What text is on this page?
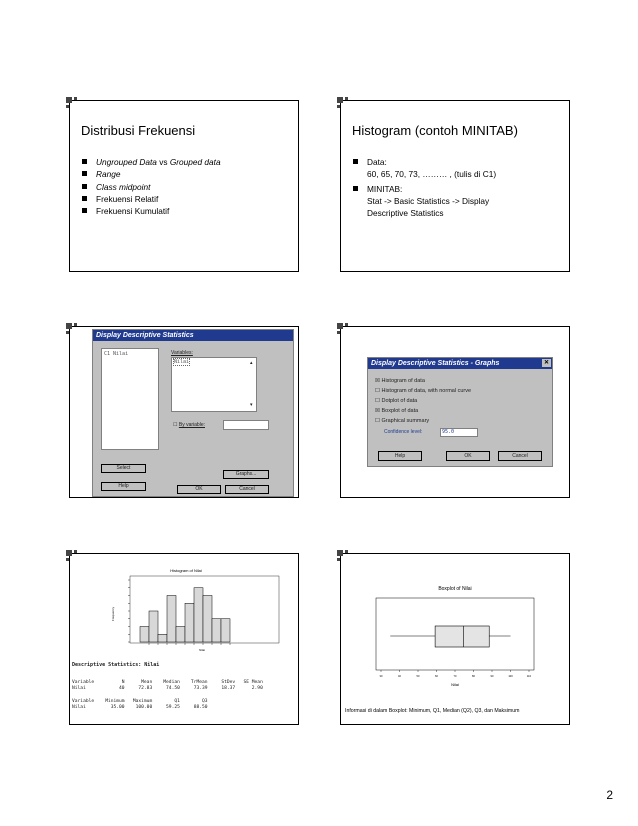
Distribusi Frekuensi
Ungrouped Data vs Grouped data
Range
Class midpoint
Frekuensi Relatif
Frekuensi Kumulatif
Histogram (contoh MINITAB)
Data:
60, 65, 70, 73, ……… , (tulis di C1)
MINITAB:
Stat -> Basic Statistics -> Display
Descriptive Statistics
Display Descriptive Statistics
C1 Nilai	Variables:
Nilai	▴
▾
☐ By variable:
Select
Graphs...
Help	OK	Cancel
Display Descriptive Statistics - Graphs	✕
☒ Histogram of data
☐ Histogram of data, with normal curve
☐ Dotplot of data
☒ Boxplot of data
☐ Graphical summary
Confidence level:	95.0
Help	OK	Cancel
Histogram of Nilai
Frequency
Nilai
Descriptive Statistics: Nilai
Variable          N      Mean    Median    TrMean     StDev   SE Mean
Nilai            40     72.83     74.50     73.39     18.37      2.90
Variable    Minimum   Maximum        Q1        Q3
Nilai         35.00    100.00     59.25     88.50
Boxplot of Nilai
30	40	50	60	70	80	90	100	110
Nilai
Informasi di dalam Boxplot: Minimum, Q1, Median (Q2), Q3, dan Maksimum
2
